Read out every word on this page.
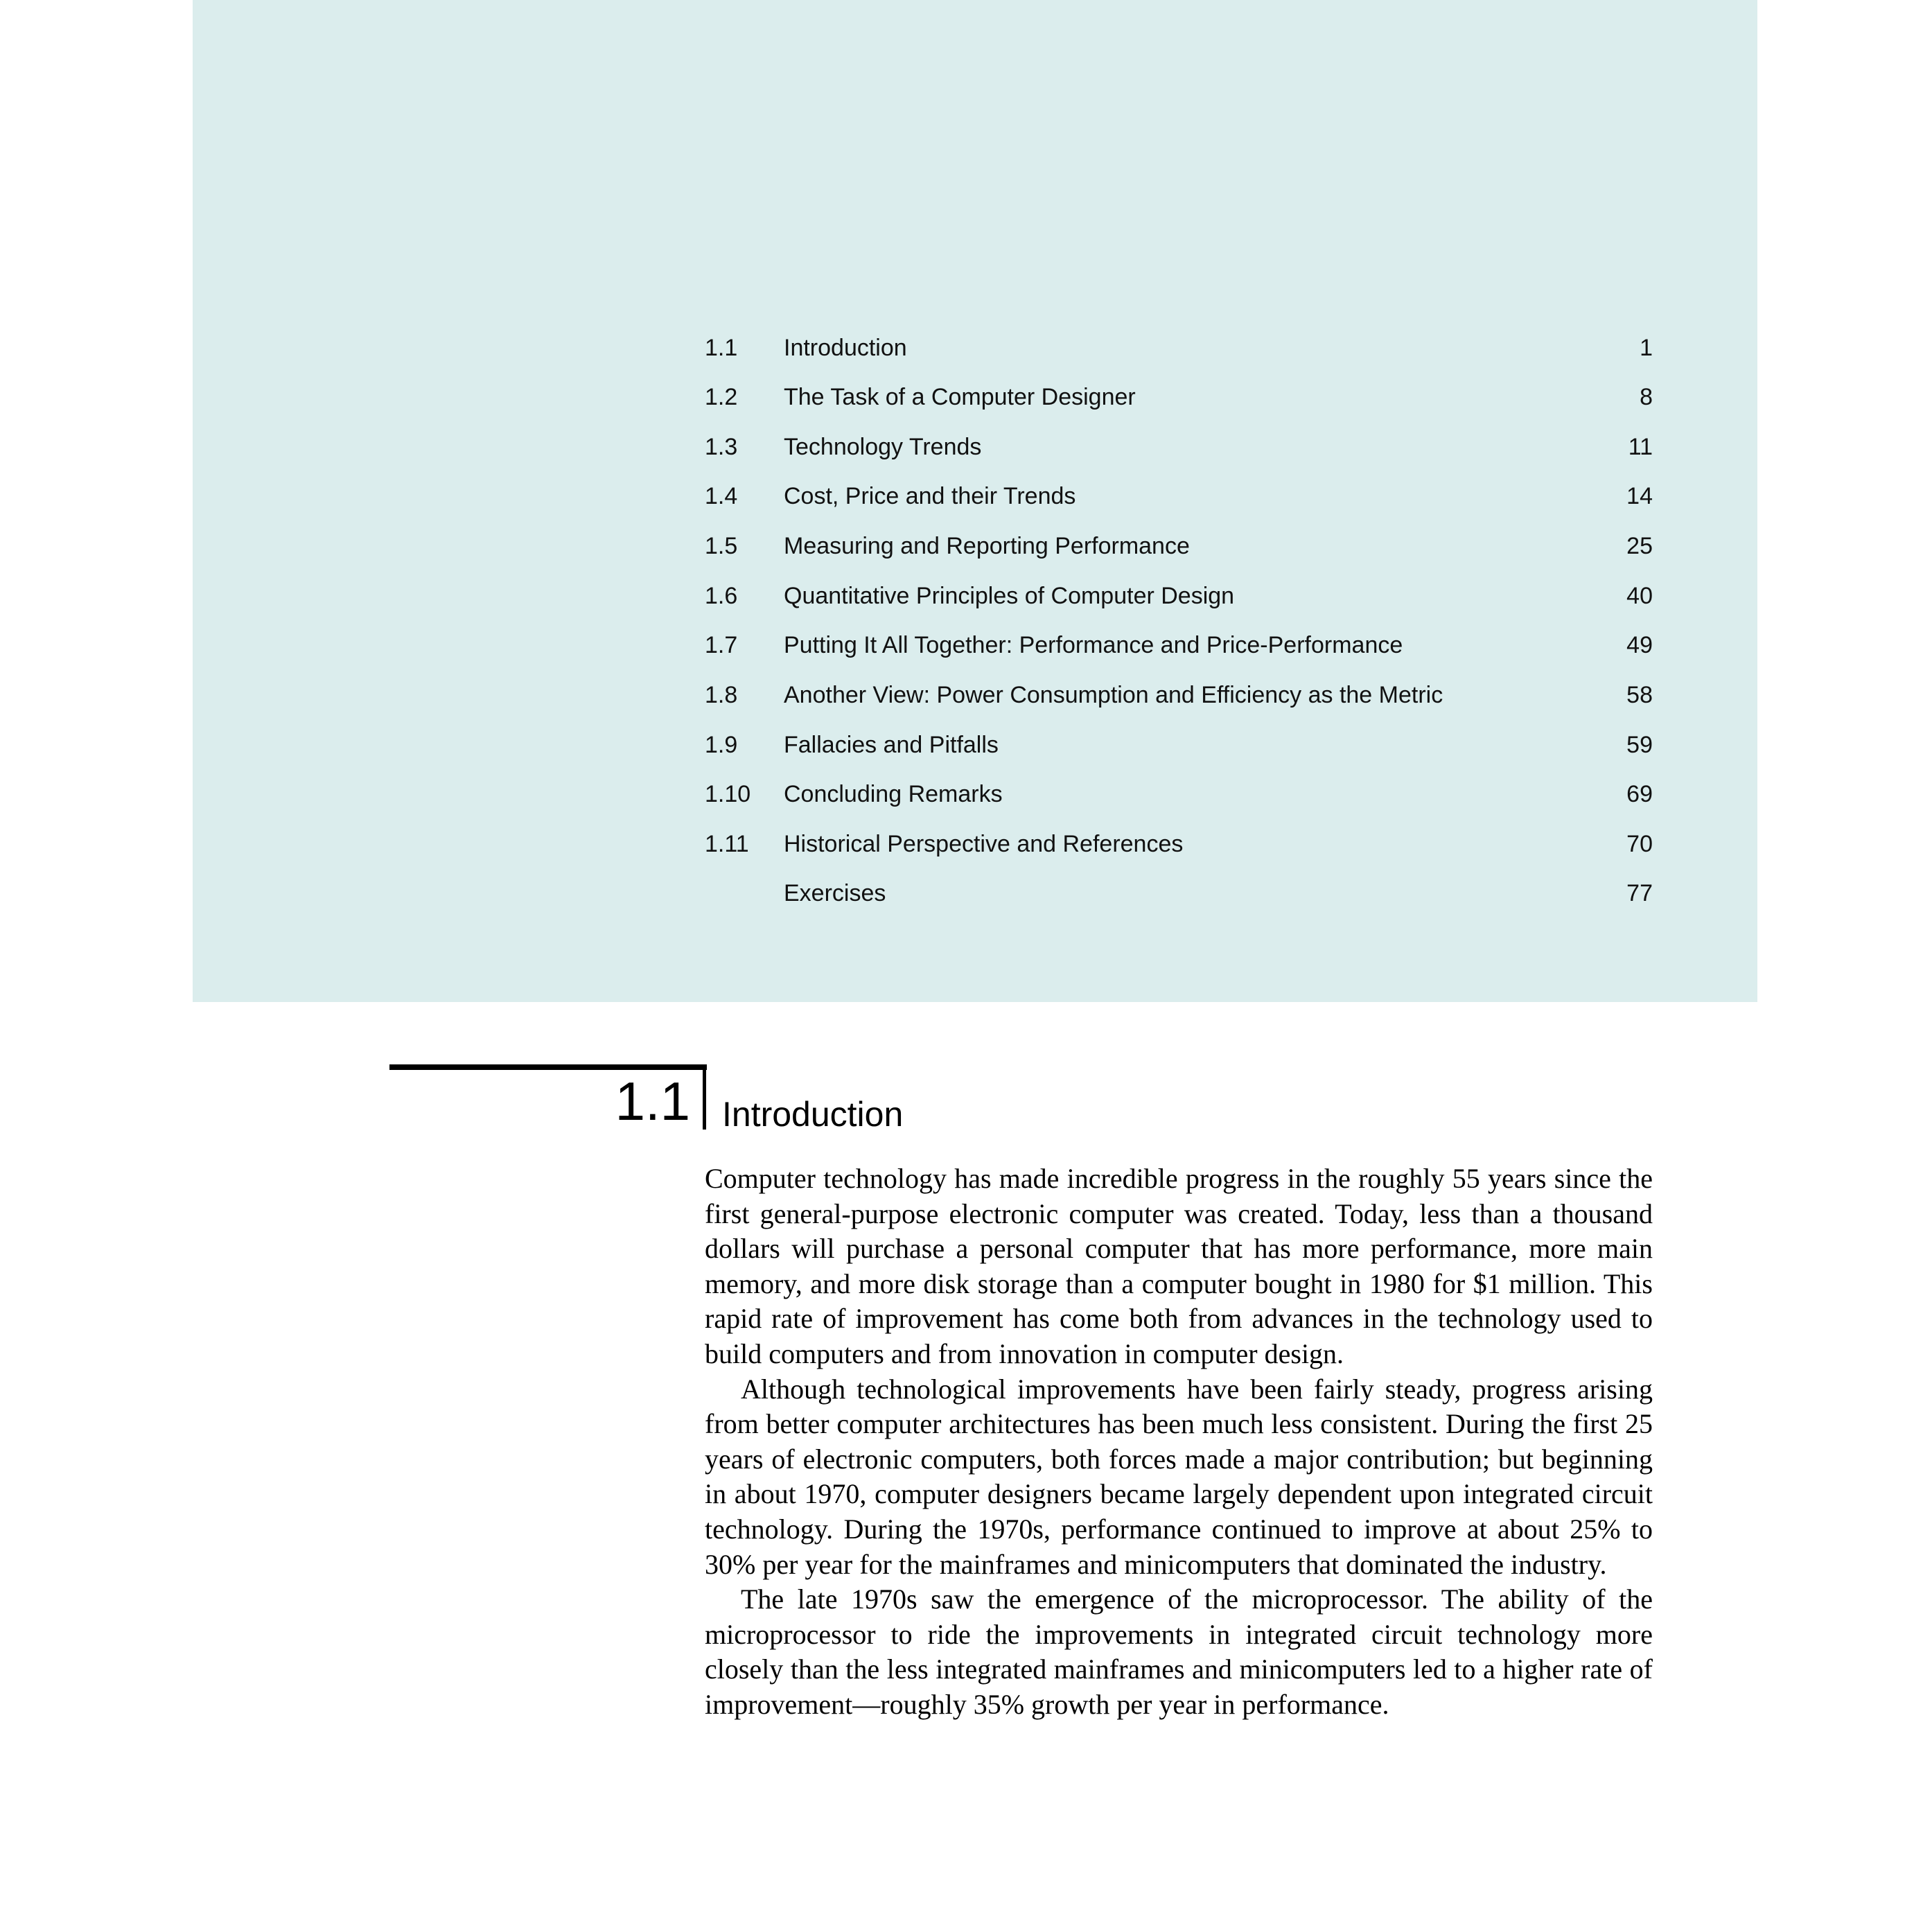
1.1 Introduction	1
1.2 The Task of a Computer Designer	8
1.3 Technology Trends	11
1.4 Cost, Price and their Trends	14
1.5 Measuring and Reporting Performance	25
1.6 Quantitative Principles of Computer Design	40
1.7 Putting It All Together: Performance and Price-Performance	49
1.8 Another View: Power Consumption and Efficiency as the Metric	58
1.9 Fallacies and Pitfalls	59
1.10 Concluding Remarks	69
1.11 Historical Perspective and References	70
Exercises	77
1.1 Introduction

Computer technology has made incredible progress in the roughly 55 years since the first general-purpose electronic computer was created. Today, less than a thousand dollars will purchase a personal computer that has more performance, more main memory, and more disk storage than a computer bought in 1980 for $1 million. This rapid rate of improvement has come both from advances in the technology used to build computers and from innovation in computer design.

Although technological improvements have been fairly steady, progress arising from better computer architectures has been much less consistent. During the first 25 years of electronic computers, both forces made a major contribution; but beginning in about 1970, computer designers became largely dependent upon integrated circuit technology. During the 1970s, performance continued to improve at about 25% to 30% per year for the mainframes and minicomputers that dominated the industry.

The late 1970s saw the emergence of the microprocessor. The ability of the microprocessor to ride the improvements in integrated circuit technology more closely than the less integrated mainframes and minicomputers led to a higher rate of improvement—roughly 35% growth per year in performance.
